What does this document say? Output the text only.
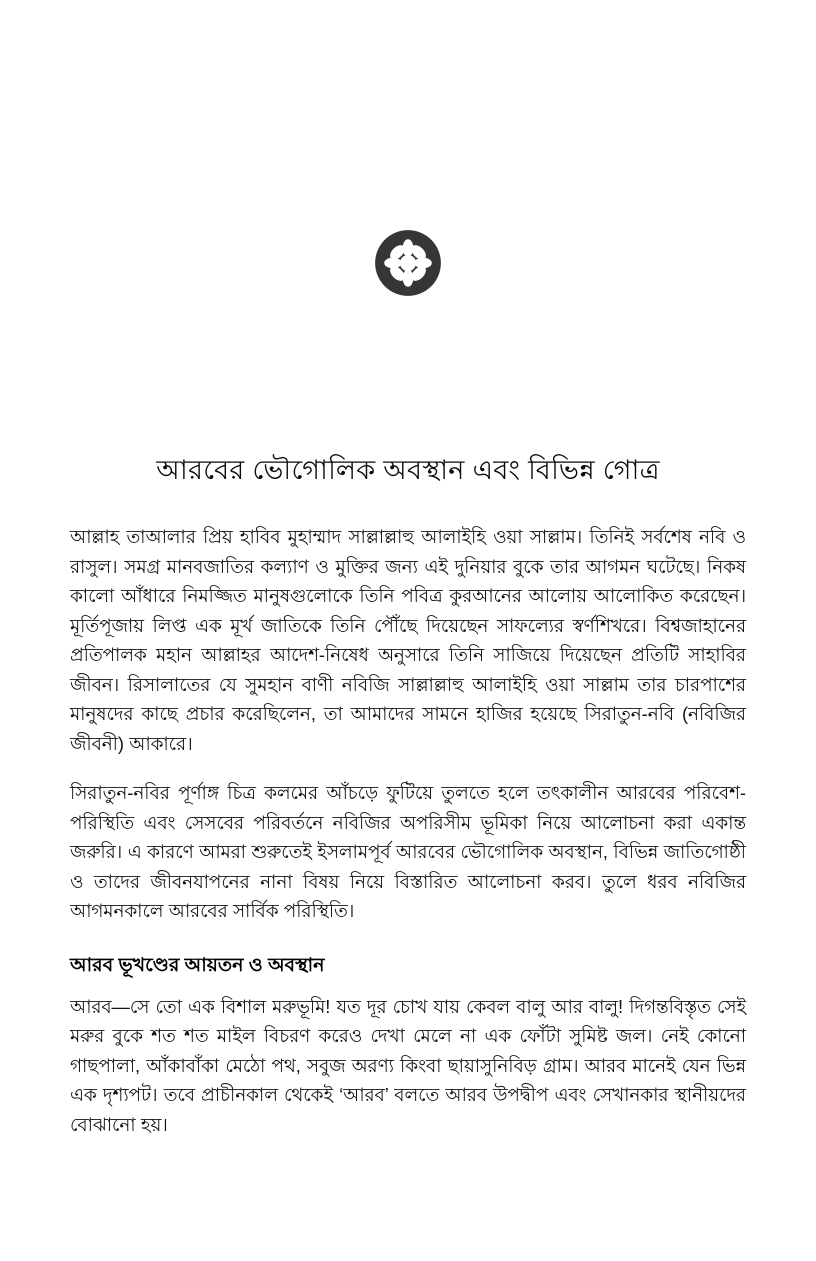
আরবের ভৌগোলিক অবস্থান এবং বিভিন্ন গোত্র

আল্লাহ তাআলার প্রিয় হাবিব মুহাম্মাদ সাল্লাল্লাহু আলাইহি ওয়া সাল্লাম। তিনিই সর্বশেষ নবি ও রাসুল। সমগ্র মানবজাতির কল্যাণ ও মুক্তির জন্য এই দুনিয়ার বুকে তার আগমন ঘটেছে। নিকষ কালো আঁধারে নিমজ্জিত মানুষগুলোকে তিনি পবিত্র কুরআনের আলোয় আলোকিত করেছেন। মূর্তিপূজায় লিপ্ত এক মূর্খ জাতিকে তিনি পৌঁছে দিয়েছেন সাফল্যের স্বর্ণশিখরে। বিশ্বজাহানের প্রতিপালক মহান আল্লাহর আদেশ-নিষেধ অনুসারে তিনি সাজিয়ে দিয়েছেন প্রতিটি সাহাবির জীবন। রিসালাতের যে সুমহান বাণী নবিজি সাল্লাল্লাহু আলাইহি ওয়া সাল্লাম তার চারপাশের মানুষদের কাছে প্রচার করেছিলেন, তা আমাদের সামনে হাজির হয়েছে সিরাতুন-নবি (নবিজির জীবনী) আকারে।

সিরাতুন-নবির পূর্ণাঙ্গ চিত্র কলমের আঁচড়ে ফুটিয়ে তুলতে হলে তৎকালীন আরবের পরিবেশ-পরিস্থিতি এবং সেসবের পরিবর্তনে নবিজির অপরিসীম ভূমিকা নিয়ে আলোচনা করা একান্ত জরুরি। এ কারণে আমরা শুরুতেই ইসলামপূর্ব আরবের ভৌগোলিক অবস্থান, বিভিন্ন জাতিগোষ্ঠী ও তাদের জীবনযাপনের নানা বিষয় নিয়ে বিস্তারিত আলোচনা করব। তুলে ধরব নবিজির আগমনকালে আরবের সার্বিক পরিস্থিতি।

আরব ভূখণ্ডের আয়তন ও অবস্থান

আরব—সে তো এক বিশাল মরুভূমি! যত দূর চোখ যায় কেবল বালু আর বালু! দিগন্তবিস্তৃত সেই মরুর বুকে শত শত মাইল বিচরণ করেও দেখা মেলে না এক ফোঁটা সুমিষ্ট জল। নেই কোনো গাছপালা, আঁকাবাঁকা মেঠো পথ, সবুজ অরণ্য কিংবা ছায়াসুনিবিড় গ্রাম। আরব মানেই যেন ভিন্ন এক দৃশ্যপট। তবে প্রাচীনকাল থেকেই ‘আরব’ বলতে আরব উপদ্বীপ এবং সেখানকার স্থানীয়দের বোঝানো হয়।
